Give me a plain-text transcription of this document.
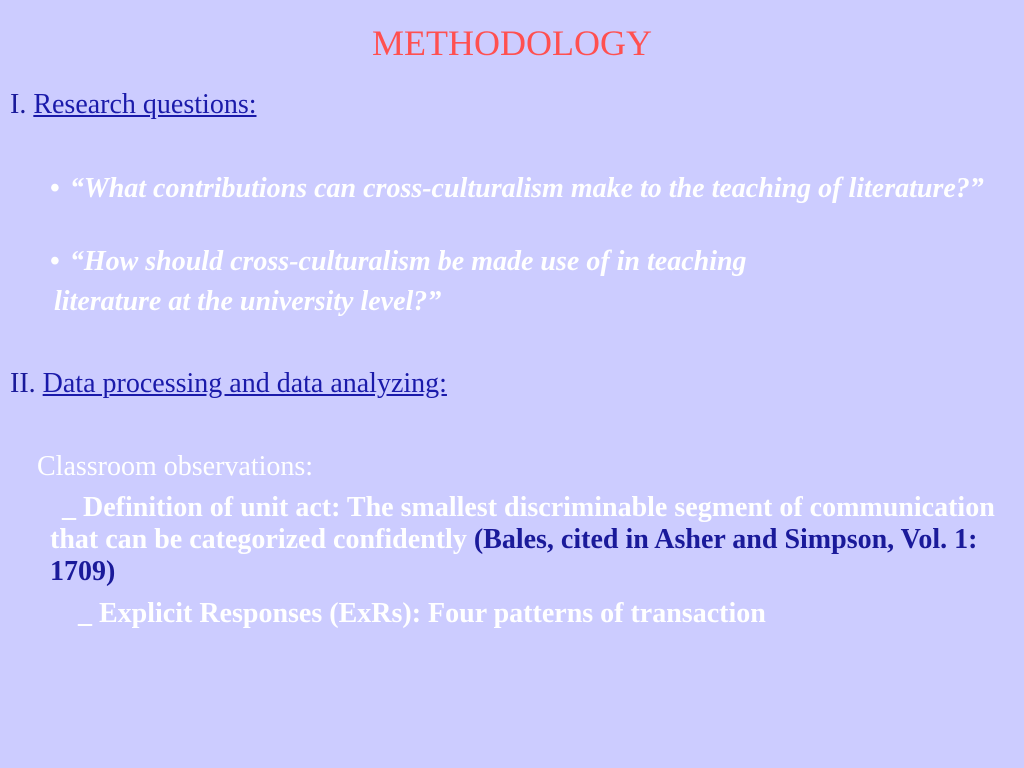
METHODOLOGY
I. Research questions:
• “What contributions can cross-culturalism make to the teaching of literature?”
• “How should cross-culturalism be made use of in teaching
literature at the university level?”
II. Data processing and data analyzing:
Classroom observations:
_ Definition of unit act: The smallest discriminable segment of communication that can be categorized confidently (Bales, cited in Asher and Simpson, Vol. 1: 1709)
_ Explicit Responses (ExRs): Four patterns of transaction
